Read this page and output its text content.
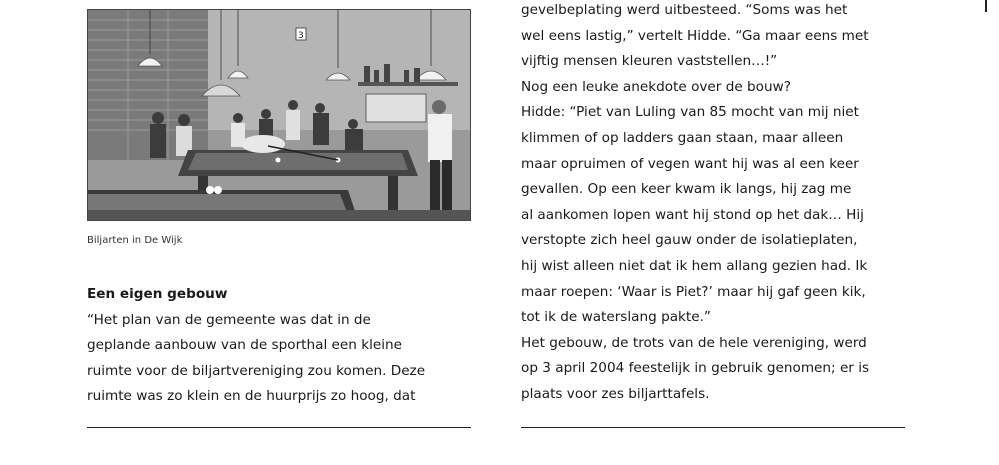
3
Biljarten in De Wijk

Een eigen gebouw

“Het plan van de gemeente was dat in de

geplande aanbouw van de sporthal een kleine

ruimte voor de biljartvereniging zou komen. Deze

ruimte was zo klein en de huurprijs zo hoog, dat

gevelbeplating werd uitbesteed. “Soms was het

wel eens lastig,” vertelt Hidde. “Ga maar eens met

vijftig mensen kleuren vaststellen…!”

Nog een leuke anekdote over de bouw?

Hidde: “Piet van Luling van 85 mocht van mij niet

klimmen of op ladders gaan staan, maar alleen

maar opruimen of vegen want hij was al een keer

gevallen. Op een keer kwam ik langs, hij zag me

al aankomen lopen want hij stond op het dak… Hij

verstopte zich heel gauw onder de isolatieplaten,

hij wist alleen niet dat ik hem allang gezien had. Ik

maar roepen: ‘Waar is Piet?’ maar hij gaf geen kik,

tot ik de waterslang pakte.”

Het gebouw, de trots van de hele vereniging, werd

op 3 april 2004 feestelijk in gebruik genomen; er is

plaats voor zes biljarttafels.
